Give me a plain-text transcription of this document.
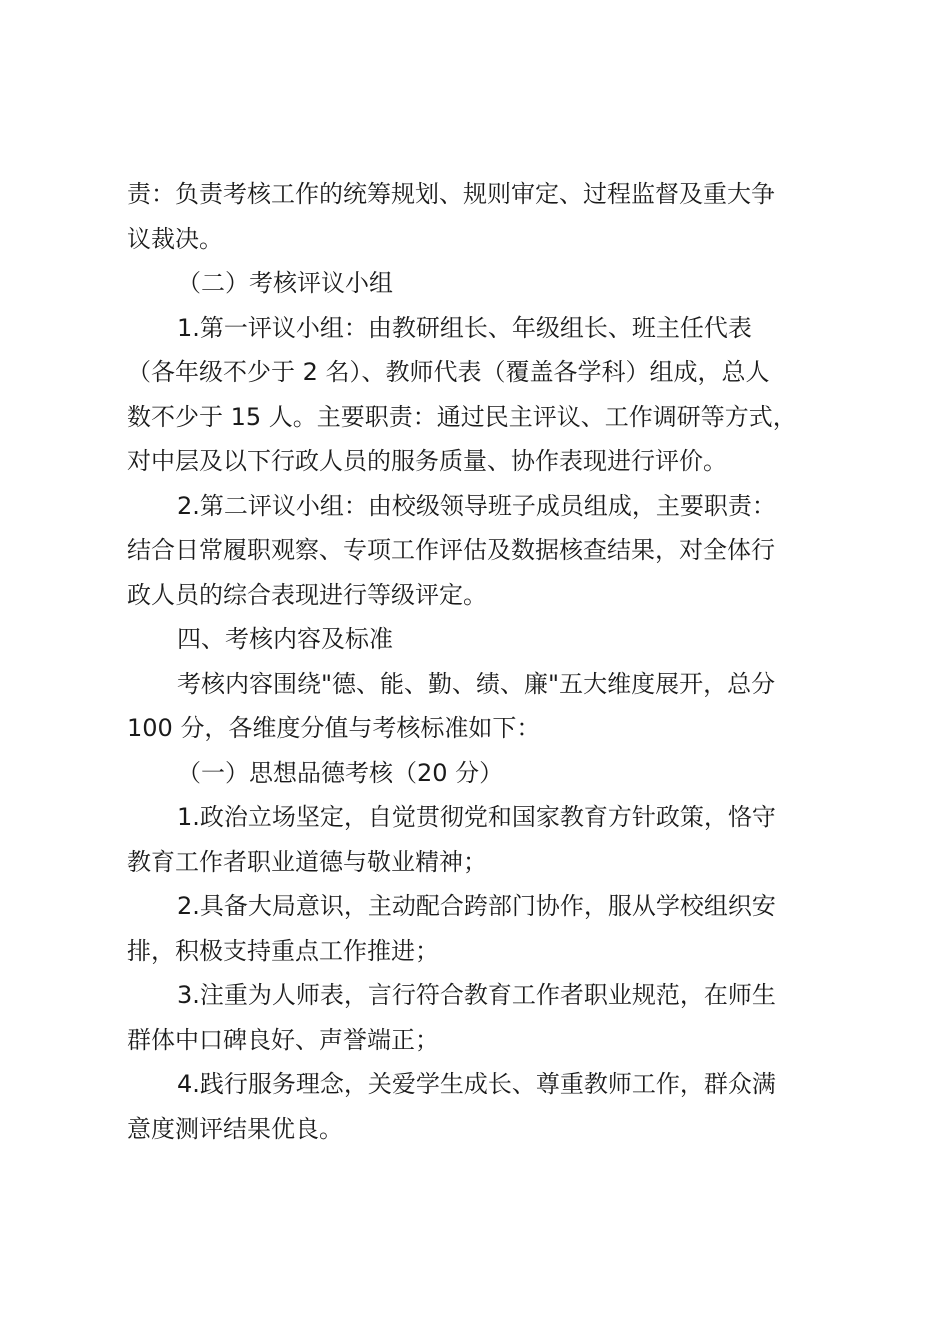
责：负责考核工作的统筹规划、规则审定、过程监督及重大争
议裁决。
（二）考核评议小组
1.第一评议小组：由教研组长、年级组长、班主任代表
（各年级不少于 2 名）、教师代表（覆盖各学科）组成，总人
数不少于 15 人。主要职责：通过民主评议、工作调研等方式，
对中层及以下行政人员的服务质量、协作表现进行评价。
2.第二评议小组：由校级领导班子成员组成，主要职责：
结合日常履职观察、专项工作评估及数据核查结果，对全体行
政人员的综合表现进行等级评定。
四、考核内容及标准
考核内容围绕"德、能、勤、绩、廉"五大维度展开，总分
100 分，各维度分值与考核标准如下：
（一）思想品德考核（20 分）
1.政治立场坚定，自觉贯彻党和国家教育方针政策，恪守
教育工作者职业道德与敬业精神；
2.具备大局意识，主动配合跨部门协作，服从学校组织安
排，积极支持重点工作推进；
3.注重为人师表，言行符合教育工作者职业规范，在师生
群体中口碑良好、声誉端正；
4.践行服务理念，关爱学生成长、尊重教师工作，群众满
意度测评结果优良。
